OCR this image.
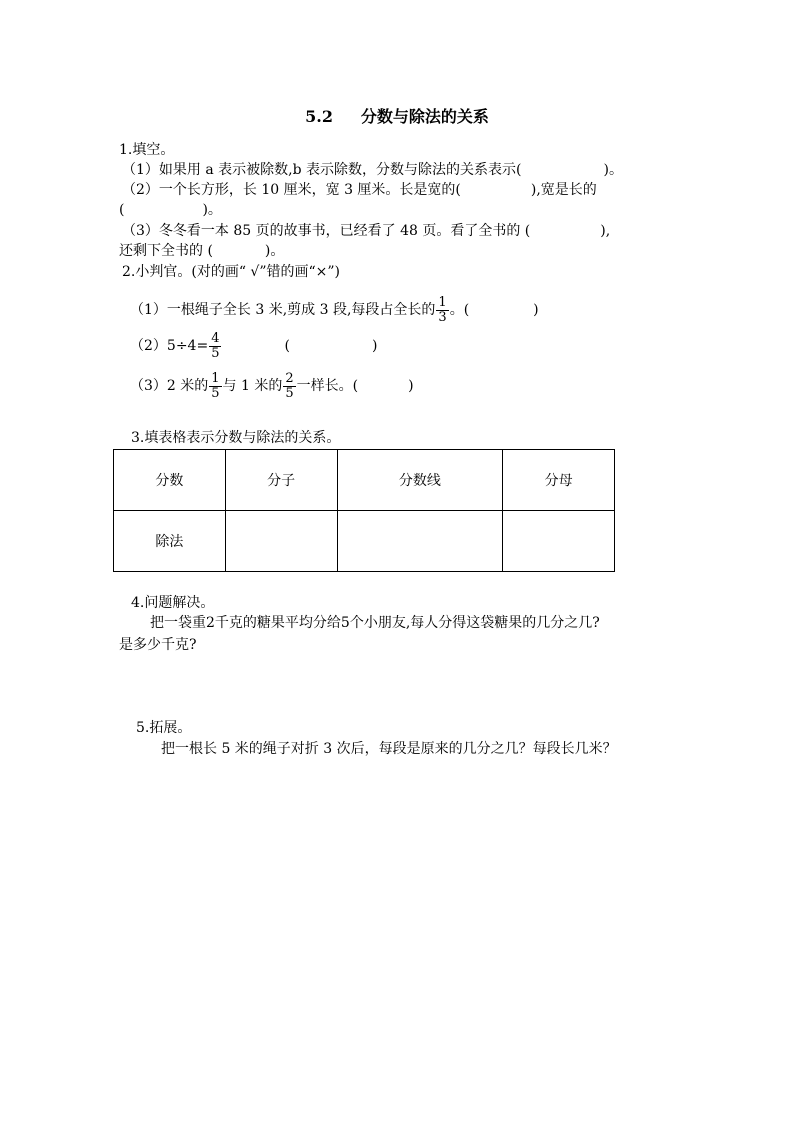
5.2     分数与除法的关系
1.填空。
（1）如果用 a 表示被除数,b 表示除数，分数与除法的关系表示(	)。
（2）一个长方形，长 10 厘米，宽 3 厘米。长是宽的(	),宽是长的
(	)。
（3）冬冬看一本 85 页的故事书，已经看了 48 页。看了全书的 (	),
还剩下全书的 (	)。
2.小判官。(对的画“ √”错的画“×”)
（1）一根绳子全长 3 米,剪成 3 段,每段占全长的 $\frac{1}{3}$ 。(	)
$(2)5\div 4= \frac{4}{5}$	(	)
（3）2 米的 $\frac{1}{5}$ 与 1 米的 $\frac{2}{5}$ 一样长。(	)
3.填表格表示分数与除法的关系。
分数	分子	分数线	分母
除法			
4.问题解决。
把一袋重2千克的糖果平均分给5个小朋友,每人分得这袋糖果的几分之几?
是多少千克?
5.拓展。
把一根长 5 米的绳子对折 3 次后，每段是原来的几分之几？每段长几米？
